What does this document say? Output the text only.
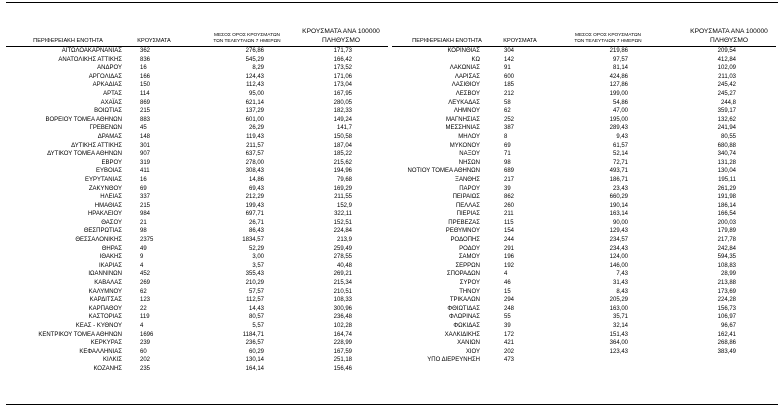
ΠΕΡΙΦΕΡΕΙΑΚΗ ΕΝΟΤΗΤΑ	ΚΡΟΥΣΜΑΤΑ
ΜΕΣΟΣ ΟΡΟΣ ΚΡΟΥΣΜΑΤΩΝ
ΤΩΝ ΤΕΛΕΥΤΑΙΩΝ 7 ΗΜΕΡΩΝ
ΚΡΟΥΣΜΑΤΑ ΑΝΑ 100000
ΠΛΗΘΥΣΜΟ
ΑΙΤΩΛΟΑΚΑΡΝΑΝΙΑΣ	362	276,86	171,73
ΑΝΑΤΟΛΙΚΗΣ ΑΤΤΙΚΗΣ	836	545,29	166,42
ΑΝΔΡΟΥ	16	8,29	173,52
ΑΡΓΟΛΙΔΑΣ	166	124,43	171,06
ΑΡΚΑΔΙΑΣ	150	112,43	173,04
ΑΡΤΑΣ	114	95,00	167,95
ΑΧΑΪΑΣ	869	621,14	280,05
ΒΟΙΩΤΙΑΣ	215	137,29	182,33
ΒΟΡΕΙΟΥ ΤΟΜΕΑ ΑΘΗΝΩΝ	883	601,00	149,24
ΓΡΕΒΕΝΩΝ	45	26,29	141,7
ΔΡΑΜΑΣ	148	119,43	150,58
ΔΥΤΙΚΗΣ ΑΤΤΙΚΗΣ	301	211,57	187,04
ΔΥΤΙΚΟΥ ΤΟΜΕΑ ΑΘΗΝΩΝ	907	637,57	185,22
ΕΒΡΟΥ	319	278,00	215,62
ΕΥΒΟΙΑΣ	411	308,43	194,96
ΕΥΡΥΤΑΝΙΑΣ	16	14,86	79,68
ΖΑΚΥΝΘΟΥ	69	69,43	169,29
ΗΛΕΙΑΣ	337	212,29	211,55
ΗΜΑΘΙΑΣ	215	199,43	152,9
ΗΡΑΚΛΕΙΟΥ	984	697,71	322,11
ΘΑΣΟΥ	21	26,71	152,51
ΘΕΣΠΡΩΤΙΑΣ	98	86,43	224,84
ΘΕΣΣΑΛΟΝΙΚΗΣ	2375	1834,57	213,9
ΘΗΡΑΣ	49	52,29	259,49
ΙΘΑΚΗΣ	9	3,00	278,55
ΙΚΑΡΙΑΣ	4	3,57	40,48
ΙΩΑΝΝΙΝΩΝ	452	355,43	269,21
ΚΑΒΑΛΑΣ	269	210,29	215,34
ΚΑΛΥΜΝΟΥ	62	57,57	210,51
ΚΑΡΔΙΤΣΑΣ	123	112,57	108,33
ΚΑΡΠΑΘΟΥ	22	14,43	300,96
ΚΑΣΤΟΡΙΑΣ	119	80,57	236,48
ΚΕΑΣ - ΚΥΘΝΟΥ	4	5,57	102,28
ΚΕΝΤΡΙΚΟΥ ΤΟΜΕΑ ΑΘΗΝΩΝ	1696	1184,71	164,74
ΚΕΡΚΥΡΑΣ	239	236,57	228,99
ΚΕΦΑΛΛΗΝΙΑΣ	60	60,29	167,59
ΚΙΛΚΙΣ	202	130,14	251,18
ΚΟΖΑΝΗΣ	235	164,14	156,46
ΠΕΡΙΦΕΡΕΙΑΚΗ ΕΝΟΤΗΤΑ	ΚΡΟΥΣΜΑΤΑ
ΜΕΣΟΣ ΟΡΟΣ ΚΡΟΥΣΜΑΤΩΝ
ΤΩΝ ΤΕΛΕΥΤΑΙΩΝ 7 ΗΜΕΡΩΝ
ΚΡΟΥΣΜΑΤΑ ΑΝΑ 100000
ΠΛΗΘΥΣΜΟ
ΚΟΡΙΝΘΙΑΣ	304	219,86	209,54
ΚΩ	142	97,57	412,84
ΛΑΚΩΝΙΑΣ	91	81,14	102,09
ΛΑΡΙΣΑΣ	600	424,86	211,03
ΛΑΣΙΘΙΟΥ	185	127,86	245,42
ΛΕΣΒΟΥ	212	199,00	245,27
ΛΕΥΚΑΔΑΣ	58	54,86	244,8
ΛΗΜΝΟΥ	62	47,00	359,17
ΜΑΓΝΗΣΙΑΣ	252	195,00	132,62
ΜΕΣΣΗΝΙΑΣ	387	289,43	241,94
ΜΗΛΟΥ	8	9,43	80,55
ΜΥΚΟΝΟΥ	69	61,57	680,88
ΝΑΞΟΥ	71	52,14	340,74
ΝΗΣΩΝ	98	72,71	131,28
ΝΟΤΙΟΥ ΤΟΜΕΑ ΑΘΗΝΩΝ	689	493,71	130,04
ΞΑΝΘΗΣ	217	186,71	195,11
ΠΑΡΟΥ	39	23,43	261,29
ΠΕΙΡΑΙΩΣ	862	660,29	191,98
ΠΕΛΛΑΣ	260	190,14	186,14
ΠΙΕΡΙΑΣ	211	163,14	166,54
ΠΡΕΒΕΖΑΣ	115	90,00	200,03
ΡΕΘΥΜΝΟΥ	154	129,43	179,89
ΡΟΔΟΠΗΣ	244	234,57	217,78
ΡΟΔΟΥ	291	234,43	242,84
ΣΑΜΟΥ	196	124,00	594,35
ΣΕΡΡΩΝ	192	146,00	108,83
ΣΠΟΡΑΔΩΝ	4	7,43	28,99
ΣΥΡΟΥ	46	31,43	213,88
ΤΗΝΟΥ	15	8,43	173,69
ΤΡΙΚΑΛΩΝ	294	205,29	224,28
ΦΘΙΩΤΙΔΑΣ	248	163,00	156,73
ΦΛΩΡΙΝΑΣ	55	35,71	106,97
ΦΩΚΙΔΑΣ	39	32,14	96,67
ΧΑΛΚΙΔΙΚΗΣ	172	151,43	162,41
ΧΑΝΙΩΝ	421	364,00	268,86
ΧΙΟΥ	202	123,43	383,49
ΥΠΟ ΔΙΕΡΕΥΝΗΣΗ	473
